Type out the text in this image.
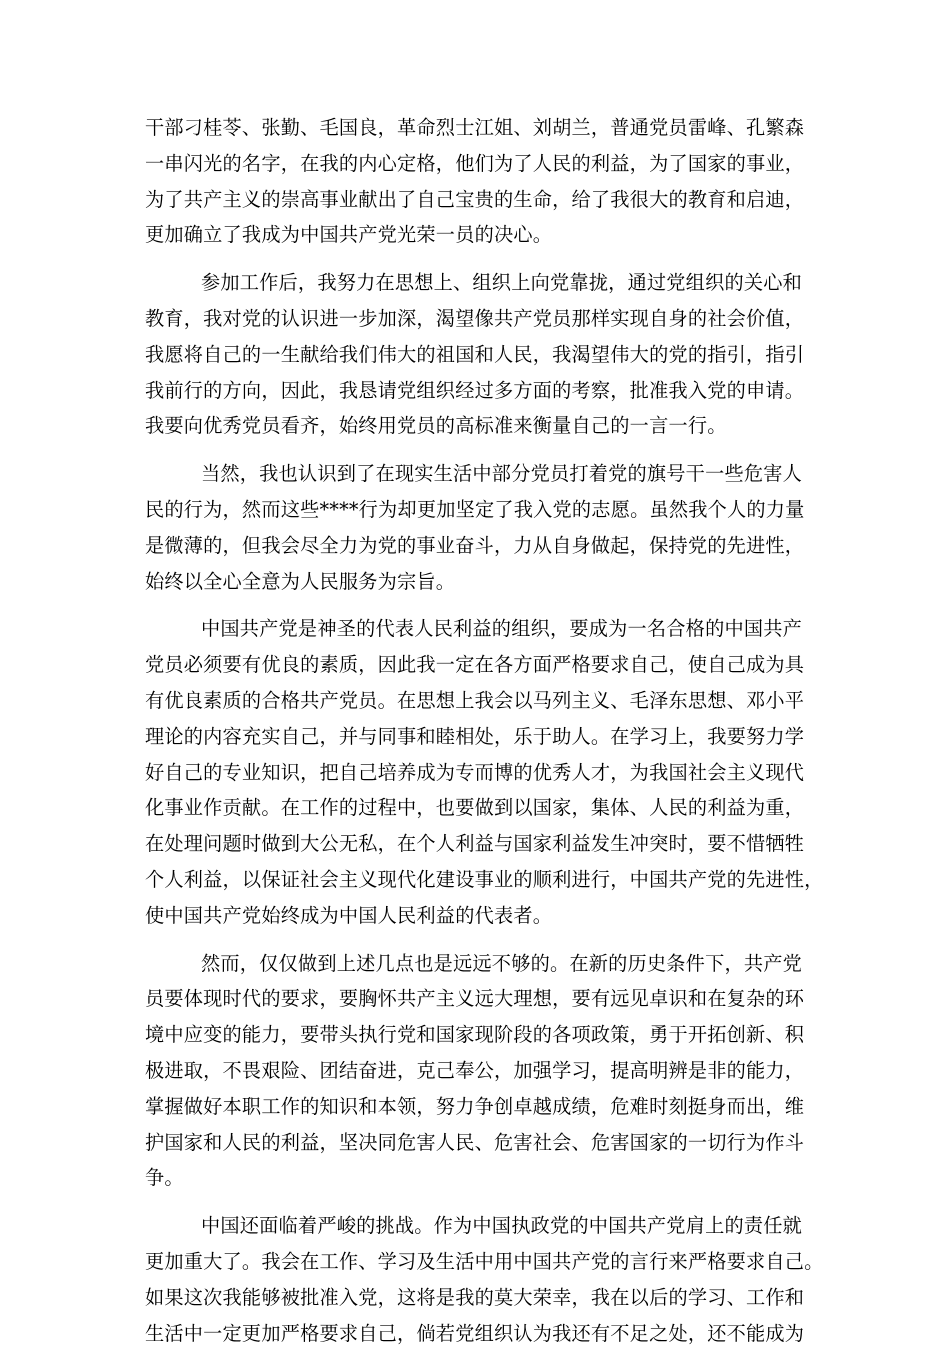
干部刁桂苓、张勤、毛国良，革命烈士江姐、刘胡兰，普通党员雷峰、孔繁森
一串闪光的名字，在我的内心定格，他们为了人民的利益，为了国家的事业，
为了共产主义的崇高事业献出了自己宝贵的生命，给了我很大的教育和启迪，
更加确立了我成为中国共产党光荣一员的决心。

参加工作后，我努力在思想上、组织上向党靠拢，通过党组织的关心和
教育，我对党的认识进一步加深，渴望像共产党员那样实现自身的社会价值，
我愿将自己的一生献给我们伟大的祖国和人民，我渴望伟大的党的指引，指引
我前行的方向，因此，我恳请党组织经过多方面的考察，批准我入党的申请。
我要向优秀党员看齐，始终用党员的高标准来衡量自己的一言一行。

当然，我也认识到了在现实生活中部分党员打着党的旗号干一些危害人
民的行为，然而这些****行为却更加坚定了我入党的志愿。虽然我个人的力量
是微薄的，但我会尽全力为党的事业奋斗，力从自身做起，保持党的先进性，
始终以全心全意为人民服务为宗旨。

中国共产党是神圣的代表人民利益的组织，要成为一名合格的中国共产
党员必须要有优良的素质，因此我一定在各方面严格要求自己，使自己成为具
有优良素质的合格共产党员。在思想上我会以马列主义、毛泽东思想、邓小平
理论的内容充实自己，并与同事和睦相处，乐于助人。在学习上，我要努力学
好自己的专业知识，把自己培养成为专而博的优秀人才，为我国社会主义现代
化事业作贡献。在工作的过程中，也要做到以国家，集体、人民的利益为重，
在处理问题时做到大公无私，在个人利益与国家利益发生冲突时，要不惜牺牲
个人利益，以保证社会主义现代化建设事业的顺利进行，中国共产党的先进性，
使中国共产党始终成为中国人民利益的代表者。

然而，仅仅做到上述几点也是远远不够的。在新的历史条件下，共产党
员要体现时代的要求，要胸怀共产主义远大理想，要有远见卓识和在复杂的环
境中应变的能力，要带头执行党和国家现阶段的各项政策，勇于开拓创新、积
极进取，不畏艰险、团结奋进，克己奉公，加强学习，提高明辨是非的能力，
掌握做好本职工作的知识和本领，努力争创卓越成绩，危难时刻挺身而出，维
护国家和人民的利益，坚决同危害人民、危害社会、危害国家的一切行为作斗
争。

中国还面临着严峻的挑战。作为中国执政党的中国共产党肩上的责任就
更加重大了。我会在工作、学习及生活中用中国共产党的言行来严格要求自己。
如果这次我能够被批准入党，这将是我的莫大荣幸，我在以后的学习、工作和
生活中一定更加严格要求自己，倘若党组织认为我还有不足之处，还不能成为
